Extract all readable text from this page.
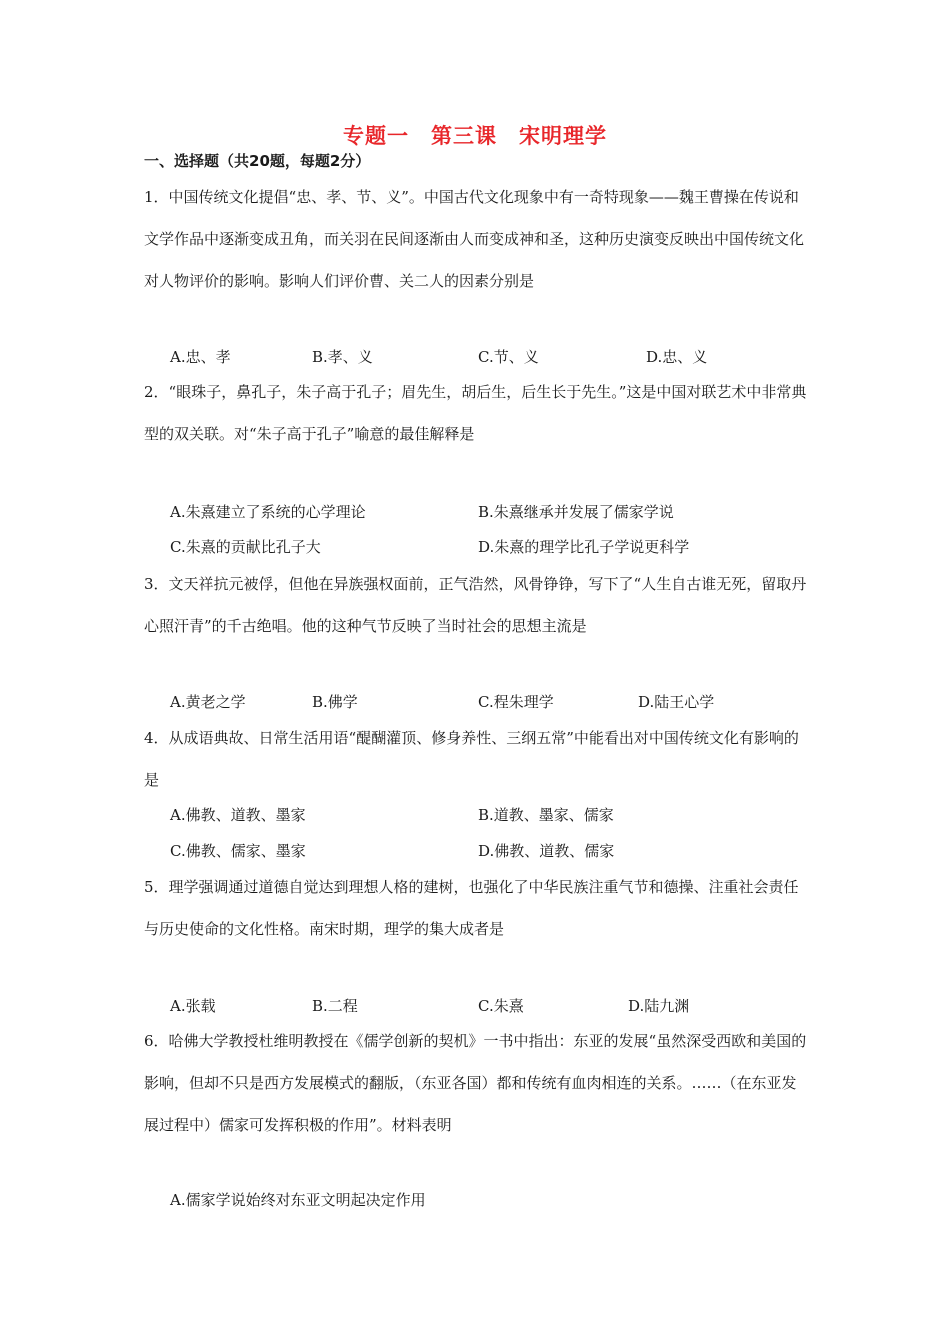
专题一　第三课　宋明理学
一、选择题（共20题，每题2分）
1．中国传统文化提倡“忠、孝、节、义”。中国古代文化现象中有一奇特现象——魏王曹操在传说和文学作品中逐渐变成丑角，而关羽在民间逐渐由人而变成神和圣，这种历史演变反映出中国传统文化对人物评价的影响。影响人们评价曹、关二人的因素分别是
A.忠、孝	B.孝、义	C.节、义	D.忠、义
2．“眼珠子，鼻孔子，朱子高于孔子；眉先生，胡后生，后生长于先生。”这是中国对联艺术中非常典型的双关联。对“朱子高于孔子”喻意的最佳解释是
A.朱熹建立了系统的心学理论	B.朱熹继承并发展了儒家学说
C.朱熹的贡献比孔子大	D.朱熹的理学比孔子学说更科学
3．文天祥抗元被俘，但他在异族强权面前，正气浩然，风骨铮铮，写下了“人生自古谁无死，留取丹心照汗青”的千古绝唱。他的这种气节反映了当时社会的思想主流是
A.黄老之学	B.佛学	C.程朱理学	D.陆王心学
4．从成语典故、日常生活用语“醍醐灌顶、修身养性、三纲五常”中能看出对中国传统文化有影响的是
A.佛教、道教、墨家	B.道教、墨家、儒家
C.佛教、儒家、墨家	D.佛教、道教、儒家
5．理学强调通过道德自觉达到理想人格的建树，也强化了中华民族注重气节和德操、注重社会责任与历史使命的文化性格。南宋时期，理学的集大成者是
A.张载	B.二程	C.朱熹	D.陆九渊
6．哈佛大学教授杜维明教授在《儒学创新的契机》一书中指出：东亚的发展“虽然深受西欧和美国的影响，但却不只是西方发展模式的翻版，（东亚各国）都和传统有血肉相连的关系。……（在东亚发展过程中）儒家可发挥积极的作用”。材料表明
A.儒家学说始终对东亚文明起决定作用
